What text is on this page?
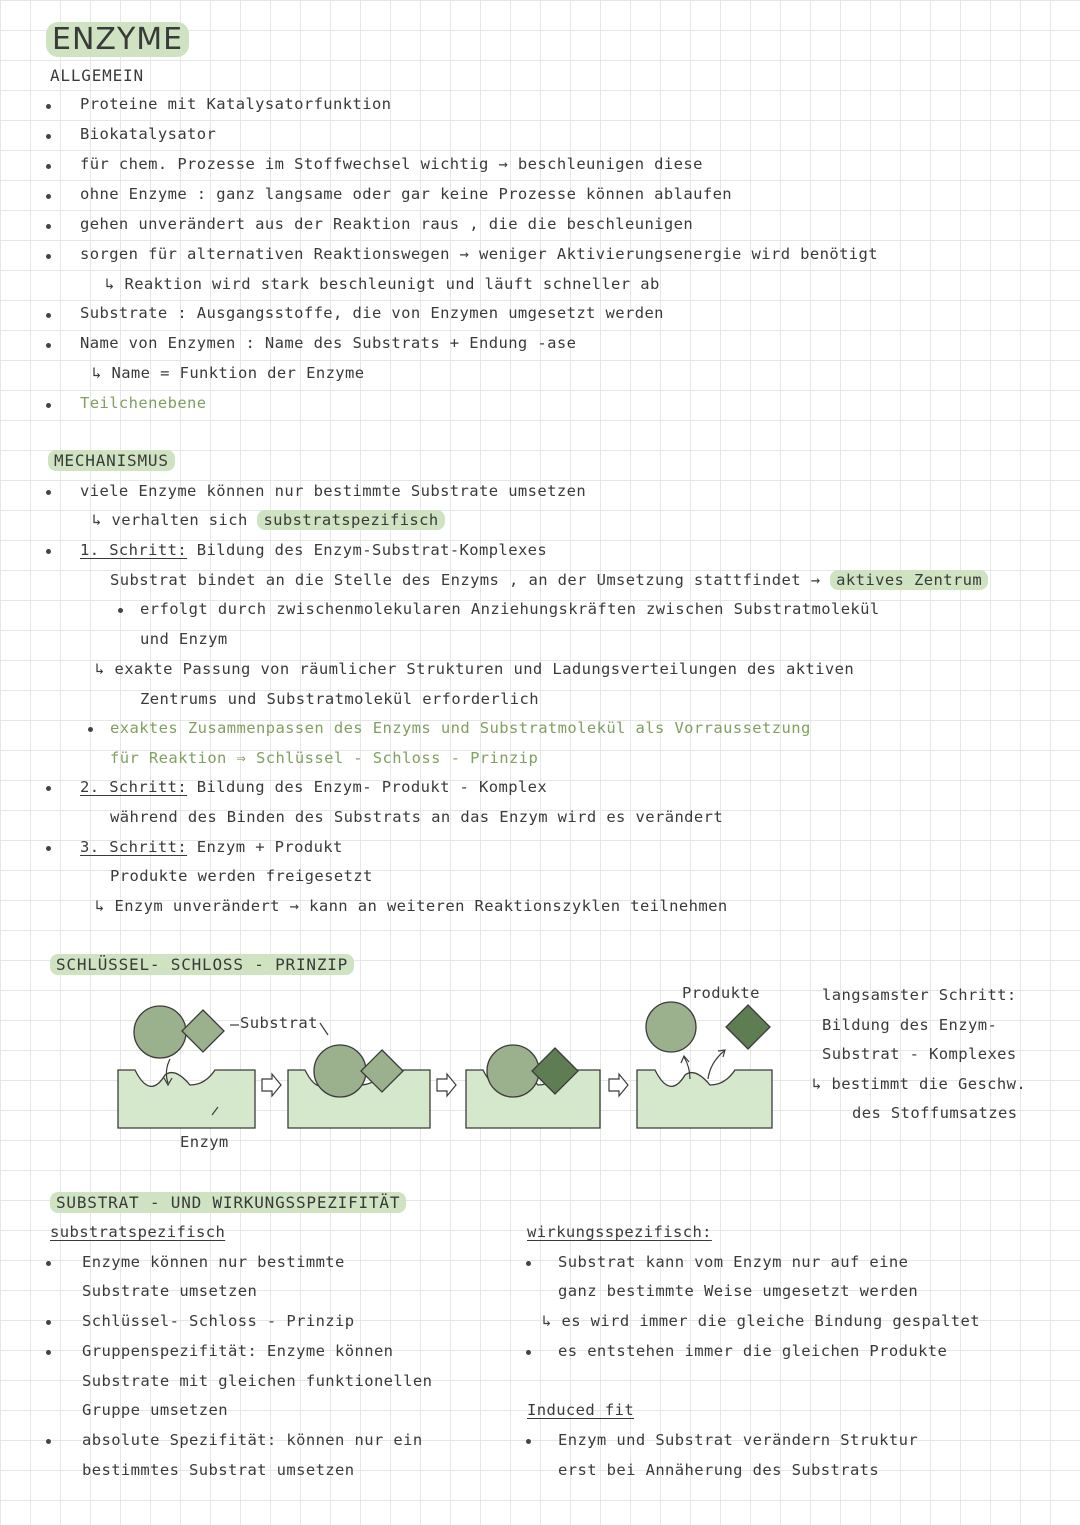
ENZYME
ALLGEMEIN
Proteine mit Katalysatorfunktion
Biokatalysator
für chem. Prozesse im Stoffwechsel wichtig → beschleunigen diese
ohne Enzyme : ganz langsame oder gar keine Prozesse können ablaufen
gehen unverändert aus der Reaktion raus , die die beschleunigen
sorgen für alternativen Reaktionswegen → weniger Aktivierungsenergie wird benötigt
↳ Reaktion wird stark beschleunigt und läuft schneller ab
Substrate : Ausgangsstoffe, die von Enzymen umgesetzt werden
Name von Enzymen : Name des Substrats + Endung -ase
↳ Name = Funktion der Enzyme
Teilchenebene
MECHANISMUS
viele Enzyme können nur bestimmte Substrate umsetzen
↳ verhalten sich substratspezifisch
1. Schritt: Bildung des Enzym-Substrat-Komplexes
Substrat bindet an die Stelle des Enzyms , an der Umsetzung stattfindet → aktives Zentrum
erfolgt durch zwischenmolekularen Anziehungskräften zwischen Substratmolekül
und Enzym
↳ exakte Passung von räumlicher Strukturen und Ladungsverteilungen des aktiven
Zentrums und Substratmolekül erforderlich
exaktes Zusammenpassen des Enzyms und Substratmolekül als Vorraussetzung
für Reaktion ⇒ Schlüssel - Schloss - Prinzip
2. Schritt: Bildung des Enzym- Produkt - Komplex
während des Binden des Substrats an das Enzym wird es verändert
3. Schritt: Enzym + Produkt
Produkte werden freigesetzt
↳ Enzym unverändert → kann an weiteren Reaktionszyklen teilnehmen
SCHLÜSSEL- SCHLOSS - PRINZIP
Substrat
Enzym
Produkte	langsamster Schritt:
Bildung des Enzym-
Substrat - Komplexes
↳ bestimmt die Geschw.
des Stoffumsatzes
SUBSTRAT - UND WIRKUNGSSPEZIFITÄT
substratspezifisch
Enzyme können nur bestimmte
Substrate umsetzen
Schlüssel- Schloss - Prinzip
Gruppenspezifität: Enzyme können
Substrate mit gleichen funktionellen
Gruppe umsetzen
absolute Spezifität: können nur ein
bestimmtes Substrat umsetzen
wirkungsspezifisch:
Substrat kann vom Enzym nur auf eine
ganz bestimmte Weise umgesetzt werden
↳ es wird immer die gleiche Bindung gespaltet
es entstehen immer die gleichen Produkte
Induced fit
Enzym und Substrat verändern Struktur
erst bei Annäherung des Substrats
